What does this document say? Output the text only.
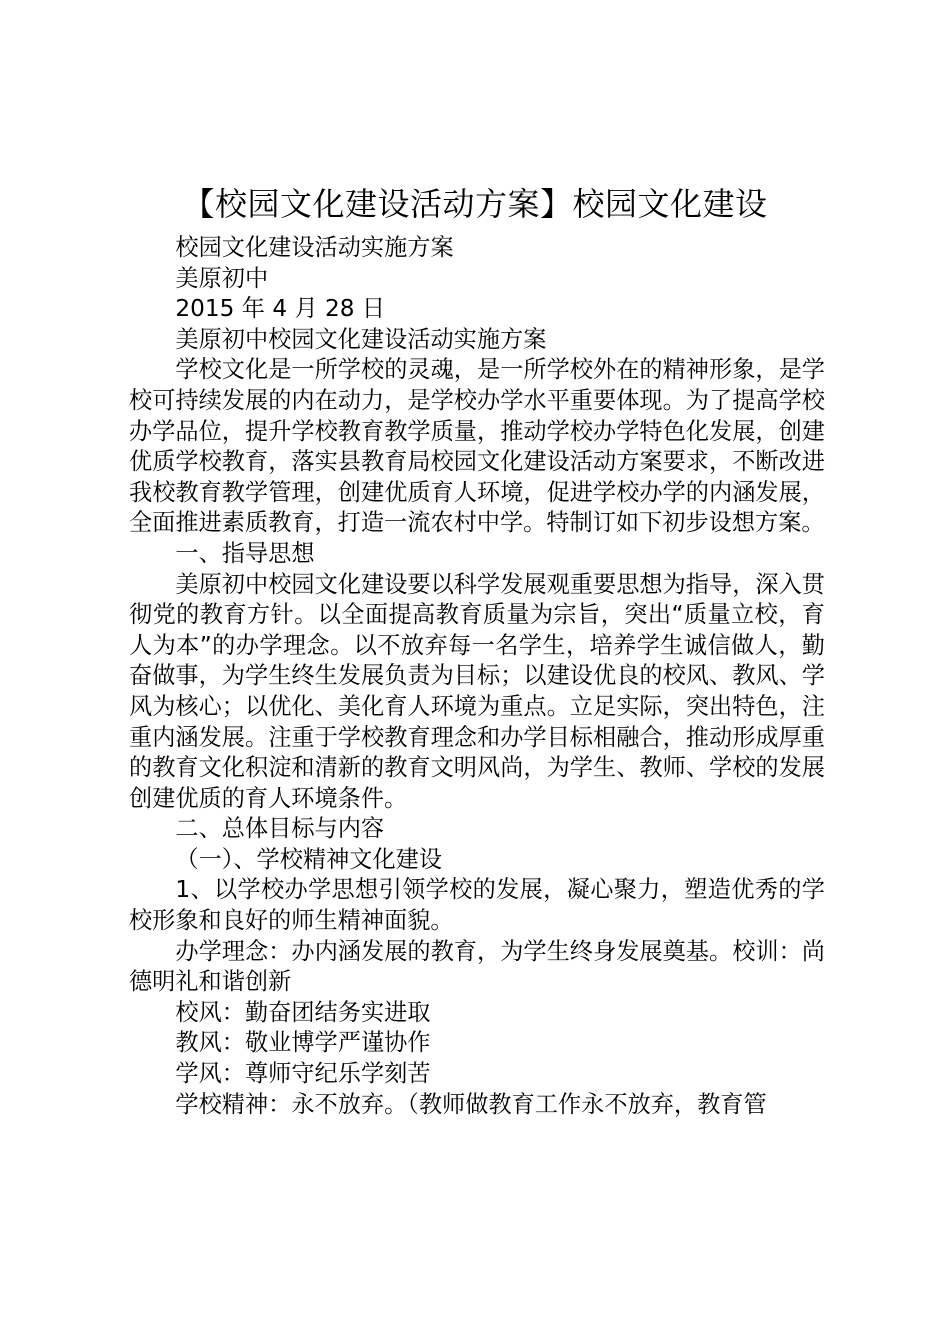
【校园文化建设活动方案】校园文化建设

校园文化建设活动实施方案

美原初中

2015 年 4 月 28 日

美原初中校园文化建设活动实施方案

学校文化是一所学校的灵魂，是一所学校外在的精神形象，是学校可持续发展的内在动力，是学校办学水平重要体现。为了提高学校办学品位，提升学校教育教学质量，推动学校办学特色化发展，创建优质学校教育，落实县教育局校园文化建设活动方案要求，不断改进我校教育教学管理，创建优质育人环境，促进学校办学的内涵发展，全面推进素质教育，打造一流农村中学。特制订如下初步设想方案。

一、指导思想

美原初中校园文化建设要以科学发展观重要思想为指导，深入贯彻党的教育方针。以全面提高教育质量为宗旨，突出“质量立校，育人为本”的办学理念。以不放弃每一名学生，培养学生诚信做人，勤奋做事，为学生终生发展负责为目标；以建设优良的校风、教风、学风为核心；以优化、美化育人环境为重点。立足实际，突出特色，注重内涵发展。注重于学校教育理念和办学目标相融合，推动形成厚重的教育文化积淀和清新的教育文明风尚，为学生、教师、学校的发展创建优质的育人环境条件。

二、总体目标与内容

（一）、学校精神文化建设

1、以学校办学思想引领学校的发展，凝心聚力，塑造优秀的学校形象和良好的师生精神面貌。

办学理念：办内涵发展的教育，为学生终身发展奠基。校训：尚德明礼和谐创新

校风：勤奋团结务实进取

教风：敬业博学严谨协作

学风：尊师守纪乐学刻苦

学校精神：永不放弃。（教师做教育工作永不放弃，教育管
